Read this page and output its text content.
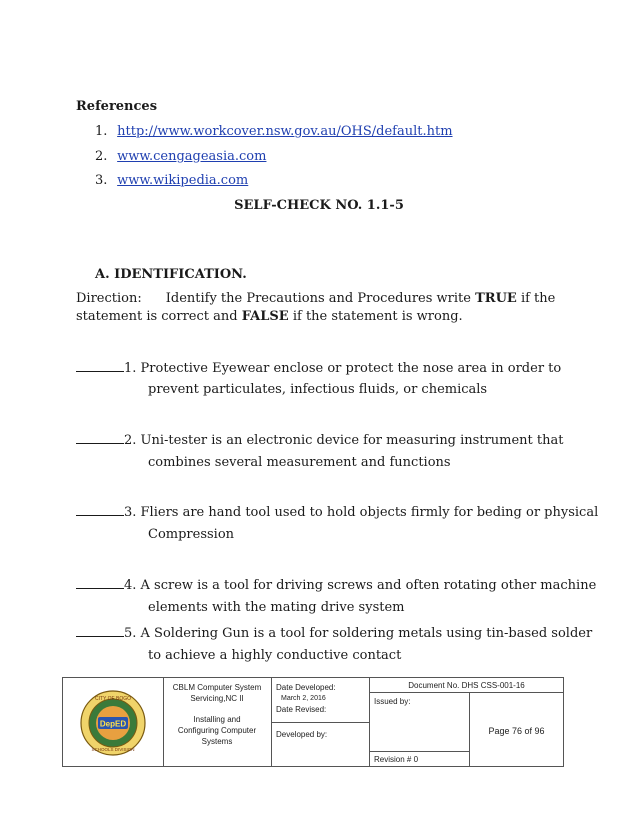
References
1. http://www.workcover.nsw.gov.au/OHS/default.htm
2. www.cengageasia.com
3. www.wikipedia.com
SELF-CHECK NO. 1.1-5
A. IDENTIFICATION.
Direction: Identify the Precautions and Procedures write TRUE if the
statement is correct and FALSE if the statement is wrong.
1. Protective Eyewear enclose or protect the nose area in order to
prevent particulates, infectious fluids, or chemicals
2. Uni-tester is an electronic device for measuring instrument that
combines several measurement and functions
3. Fliers are hand tool used to hold objects firmly for beding or physical
Compression
4. A screw is a tool for driving screws and often rotating other machine
elements with the mating drive system
5. A Soldering Gun is a tool for soldering metals using tin-based solder
to achieve a highly conductive contact
DepED
CITY OF BOGO
SCHOOLS DIVISION
CBLM Computer System
Servicing,NC II
Installing and
Configuring Computer
Systems
Date Developed:
March 2, 2016
Date Revised:
Developed by:
Document No. DHS CSS-001-16
Issued by:
Revision # 0
Page 76 of 96
